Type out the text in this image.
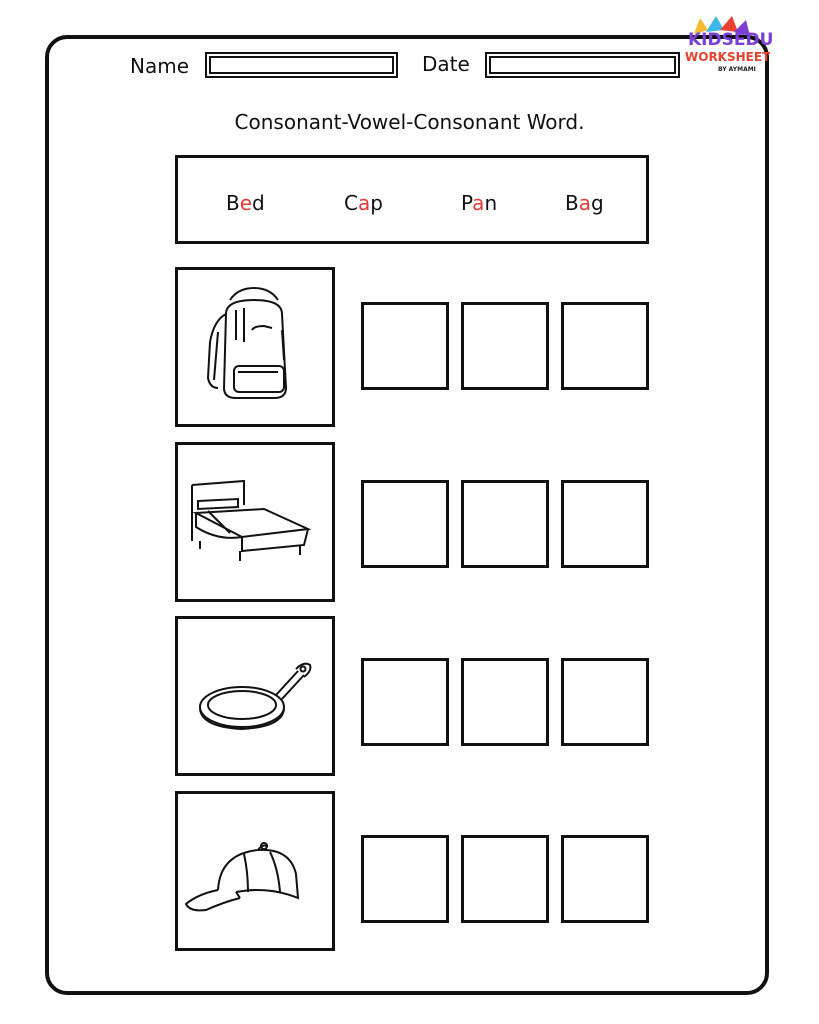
KIDSEDU
WORKSHEET
BY AYMAMI
Name	Date
Consonant-Vowel-Consonant Word.
Bed	Cap	Pan	Bag
